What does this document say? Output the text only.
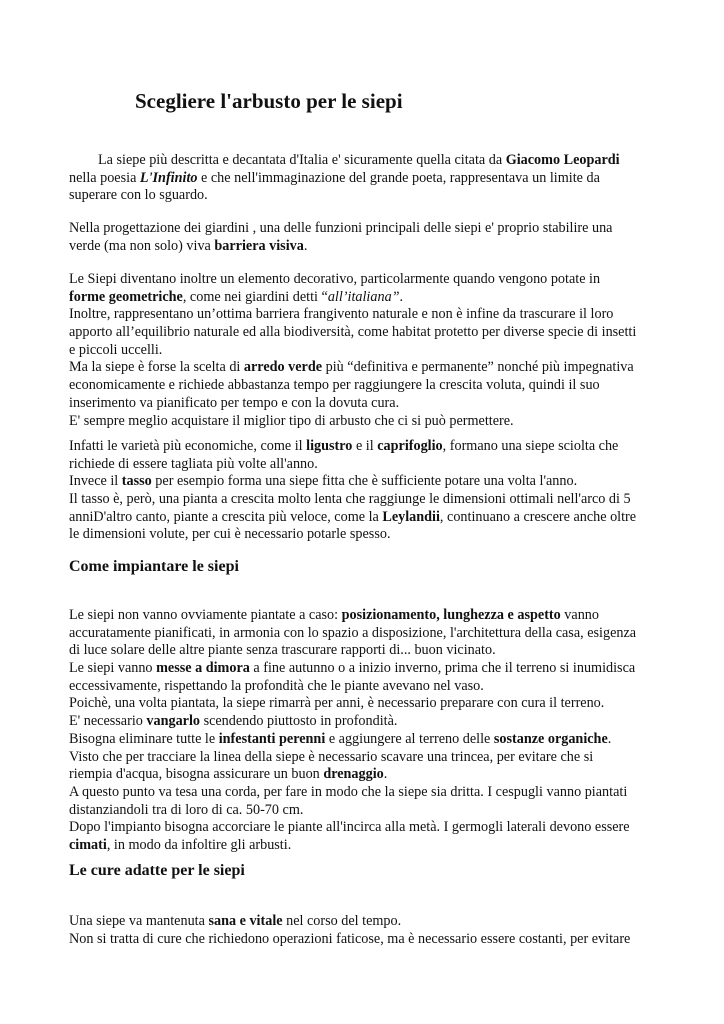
Scegliere l'arbusto per le siepi
La siepe più descritta e decantata d'Italia e' sicuramente quella citata da Giacomo Leopardi
nella poesia L'Infinito e che nell'immaginazione del grande poeta, rappresentava un limite da
superare con lo sguardo.
Nella progettazione dei giardini , una delle funzioni principali delle siepi e' proprio stabilire una
verde (ma non solo) viva barriera visiva.
Le Siepi diventano inoltre un elemento decorativo, particolarmente quando vengono potate in
forme geometriche, come nei giardini detti “all’italiana”.
Inoltre, rappresentano un’ottima barriera frangivento naturale e non è infine da trascurare il loro
apporto all’equilibrio naturale ed alla biodiversità, come habitat protetto per diverse specie di insetti
e piccoli uccelli.
Ma la siepe è forse la scelta di arredo verde più “definitiva e permanente” nonché più impegnativa
economicamente e richiede abbastanza tempo per raggiungere la crescita voluta, quindi il suo
inserimento va pianificato per tempo e con la dovuta cura.
E' sempre meglio acquistare il miglior tipo di arbusto che ci si può permettere.
Infatti le varietà più economiche, come il ligustro e il caprifoglio, formano una siepe sciolta che
richiede di essere tagliata più volte all'anno.
Invece il tasso per esempio forma una siepe fitta che è sufficiente potare una volta l'anno.
Il tasso è, però, una pianta a crescita molto lenta che raggiunge le dimensioni ottimali nell'arco di 5
anniD'altro canto, piante a crescita più veloce, come la Leylandii, continuano a crescere anche oltre
le dimensioni volute, per cui è necessario potarle spesso.
Come impiantare le siepi
Le siepi non vanno ovviamente piantate a caso: posizionamento, lunghezza e aspetto vanno
accuratamente pianificati, in armonia con lo spazio a disposizione, l'architettura della casa, esigenza
di luce solare delle altre piante senza trascurare rapporti di... buon vicinato.
Le siepi vanno messe a dimora a fine autunno o a inizio inverno, prima che il terreno si inumidisca
eccessivamente, rispettando la profondità che le piante avevano nel vaso.
Poichè, una volta piantata, la siepe rimarrà per anni, è necessario preparare con cura il terreno.
E' necessario vangarlo scendendo piuttosto in profondità.
Bisogna eliminare tutte le infestanti perenni e aggiungere al terreno delle sostanze organiche.
Visto che per tracciare la linea della siepe è necessario scavare una trincea, per evitare che si
riempia d'acqua, bisogna assicurare un buon drenaggio.
A questo punto va tesa una corda, per fare in modo che la siepe sia dritta. I cespugli vanno piantati
distanziandoli tra di loro di ca. 50-70 cm.
Dopo l'impianto bisogna accorciare le piante all'incirca alla metà. I germogli laterali devono essere
cimati, in modo da infoltire gli arbusti.
Le cure adatte per le siepi
Una siepe va mantenuta sana e vitale nel corso del tempo.
Non si tratta di cure che richiedono operazioni faticose, ma è necessario essere costanti, per evitare
